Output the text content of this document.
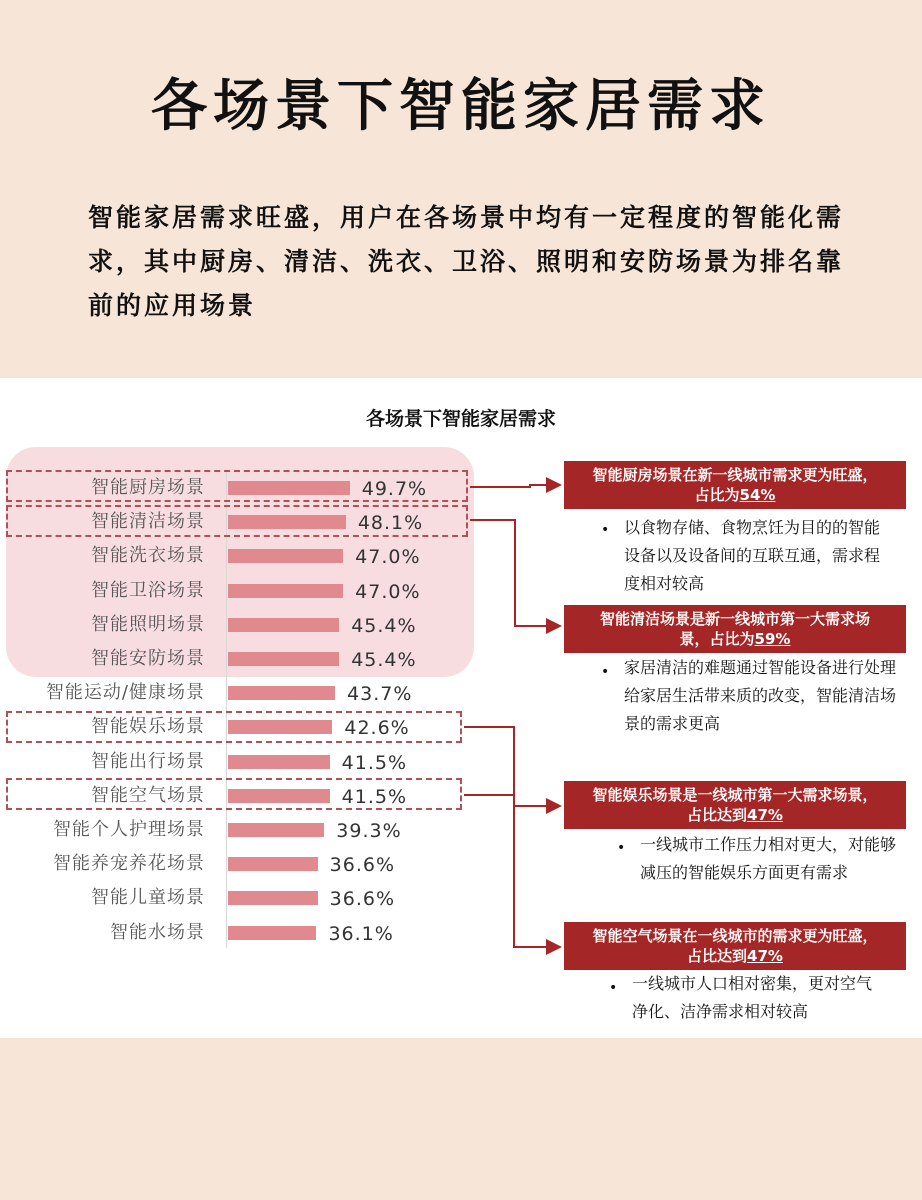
各场景下智能家居需求
智能家居需求旺盛，用户在各场景中均有一定程度的智能化需求，其中厨房、清洁、洗衣、卫浴、照明和安防场景为排名靠前的应用场景
各场景下智能家居需求
智能厨房场景	49.7%
智能清洁场景	48.1%
智能洗衣场景	47.0%
智能卫浴场景	47.0%
智能照明场景	45.4%
智能安防场景	45.4%
智能运动/健康场景	43.7%
智能娱乐场景	42.6%
智能出行场景	41.5%
智能空气场景	41.5%
智能个人护理场景	39.3%
智能养宠养花场景	36.6%
智能儿童场景	36.6%
智能水场景	36.1%
智能厨房场景在新一线城市需求更为旺盛，
占比为54%
• 以食物存储、食物烹饪为目的的智能设备以及设备间的互联互通，需求程度相对较高
智能清洁场景是新一线城市第一大需求场
景，占比为59%
• 家居清洁的难题通过智能设备进行处理给家居生活带来质的改变，智能清洁场景的需求更高
智能娱乐场景是一线城市第一大需求场景，
占比达到47%
• 一线城市工作压力相对更大，对能够减压的智能娱乐方面更有需求
智能空气场景在一线城市的需求更为旺盛，
占比达到47%
• 一线城市人口相对密集，更对空气净化、洁净需求相对较高
